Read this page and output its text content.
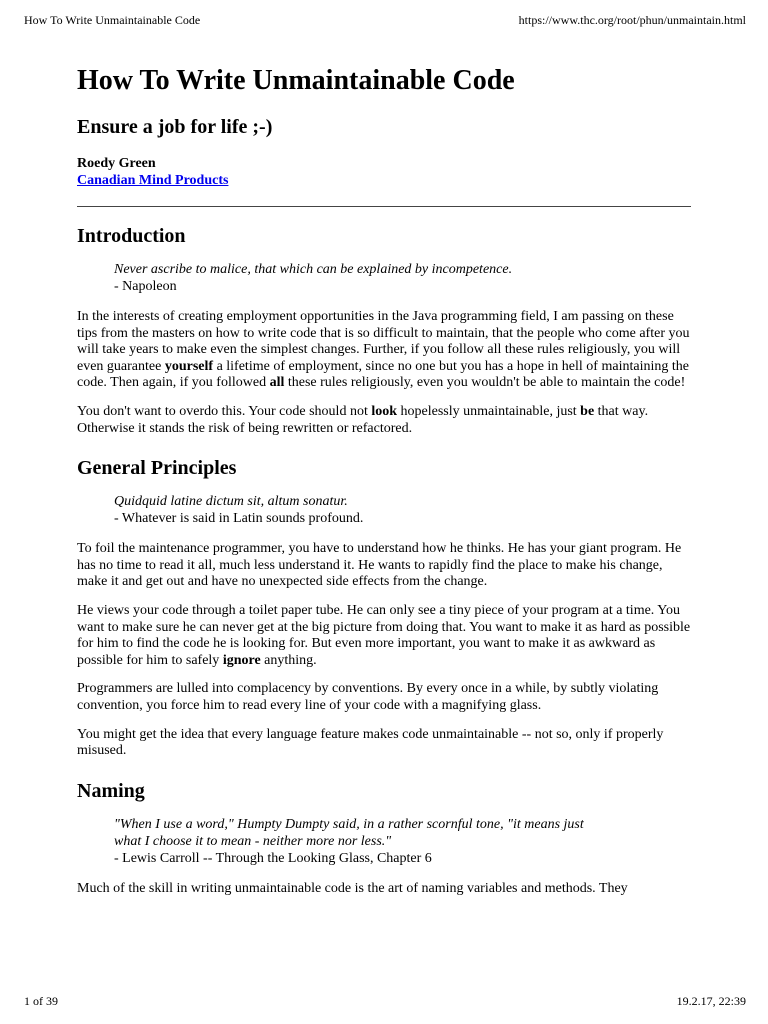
How To Write Unmaintainable Code	https://www.thc.org/root/phun/unmaintain.html
How To Write Unmaintainable Code
Ensure a job for life ;-)
Roedy Green
Canadian Mind Products
Introduction
Never ascribe to malice, that which can be explained by incompetence.
- Napoleon

In the interests of creating employment opportunities in the Java programming field, I am passing on these tips from the masters on how to write code that is so difficult to maintain, that the people who come after you will take years to make even the simplest changes. Further, if you follow all these rules religiously, you will even guarantee yourself a lifetime of employment, since no one but you has a hope in hell of maintaining the code. Then again, if you followed all these rules religiously, even you wouldn't be able to maintain the code!

You don't want to overdo this. Your code should not look hopelessly unmaintainable, just be that way. Otherwise it stands the risk of being rewritten or refactored.

General Principles
Quidquid latine dictum sit, altum sonatur.
- Whatever is said in Latin sounds profound.

To foil the maintenance programmer, you have to understand how he thinks. He has your giant program. He has no time to read it all, much less understand it. He wants to rapidly find the place to make his change, make it and get out and have no unexpected side effects from the change.

He views your code through a toilet paper tube. He can only see a tiny piece of your program at a time. You want to make sure he can never get at the big picture from doing that. You want to make it as hard as possible for him to find the code he is looking for. But even more important, you want to make it as awkward as possible for him to safely ignore anything.

Programmers are lulled into complacency by conventions. By every once in a while, by subtly violating convention, you force him to read every line of your code with a magnifying glass.

You might get the idea that every language feature makes code unmaintainable -- not so, only if properly misused.

Naming
"When I use a word," Humpty Dumpty said, in a rather scornful tone, "it means just
what I choose it to mean - neither more nor less."
- Lewis Carroll -- Through the Looking Glass, Chapter 6

Much of the skill in writing unmaintainable code is the art of naming variables and methods. They

1 of 39	19.2.17, 22:39
